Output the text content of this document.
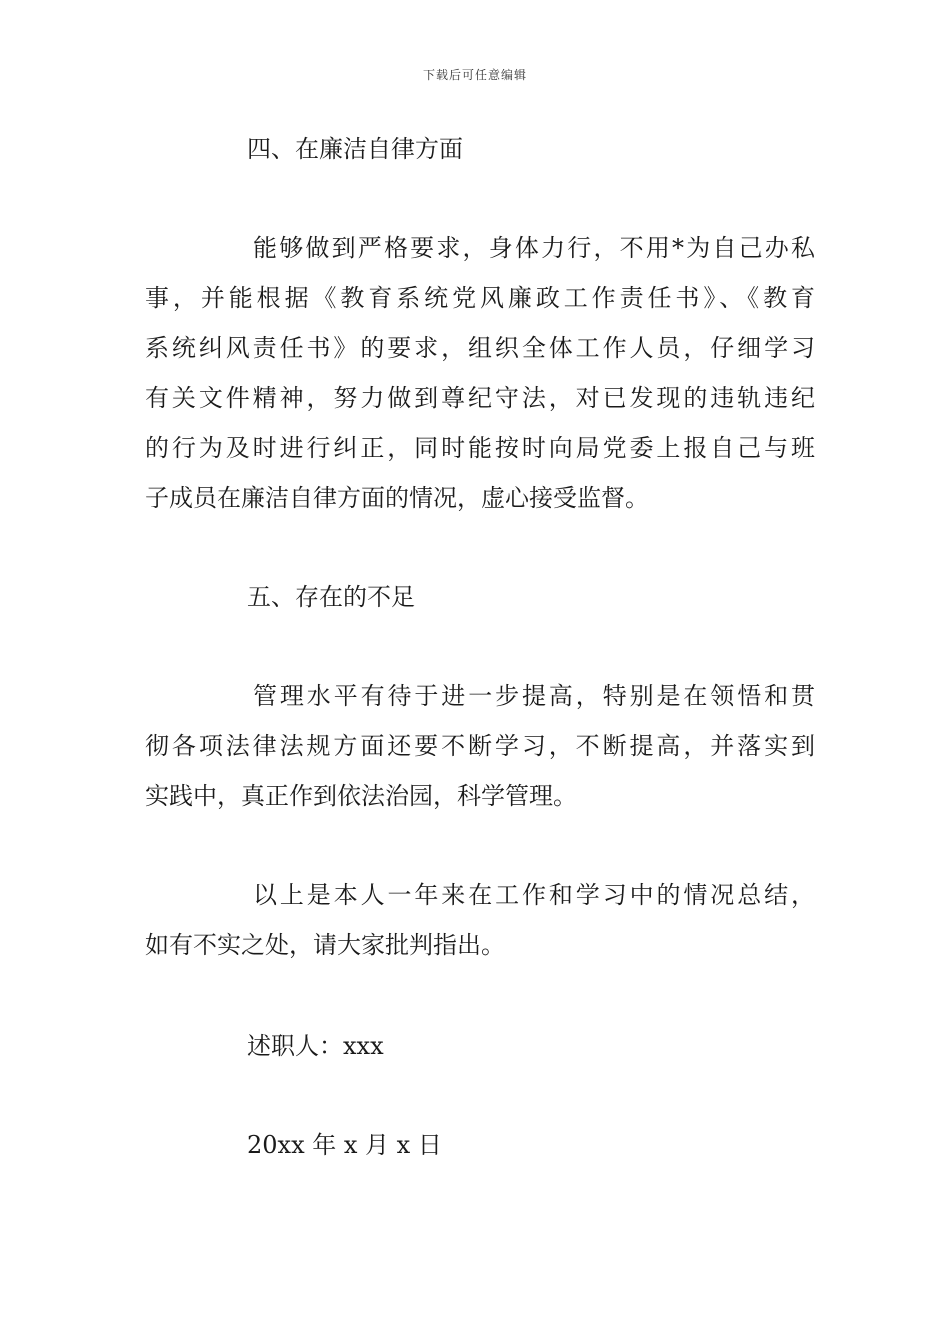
下载后可任意编辑
四、在廉洁自律方面
能够做到严格要求，身体力行，不用*为自己办私
事，并能根据《教育系统党风廉政工作责任书》、《教育
系统纠风责任书》的要求，组织全体工作人员，仔细学习
有关文件精神，努力做到尊纪守法，对已发现的违轨违纪
的行为及时进行纠正，同时能按时向局党委上报自己与班
子成员在廉洁自律方面的情况，虚心接受监督。
五、存在的不足
管理水平有待于进一步提高，特别是在领悟和贯
彻各项法律法规方面还要不断学习，不断提高，并落实到
实践中，真正作到依法治园，科学管理。
以上是本人一年来在工作和学习中的情况总结，
如有不实之处，请大家批判指出。
述职人：xxx
20xx 年 x 月 x 日
